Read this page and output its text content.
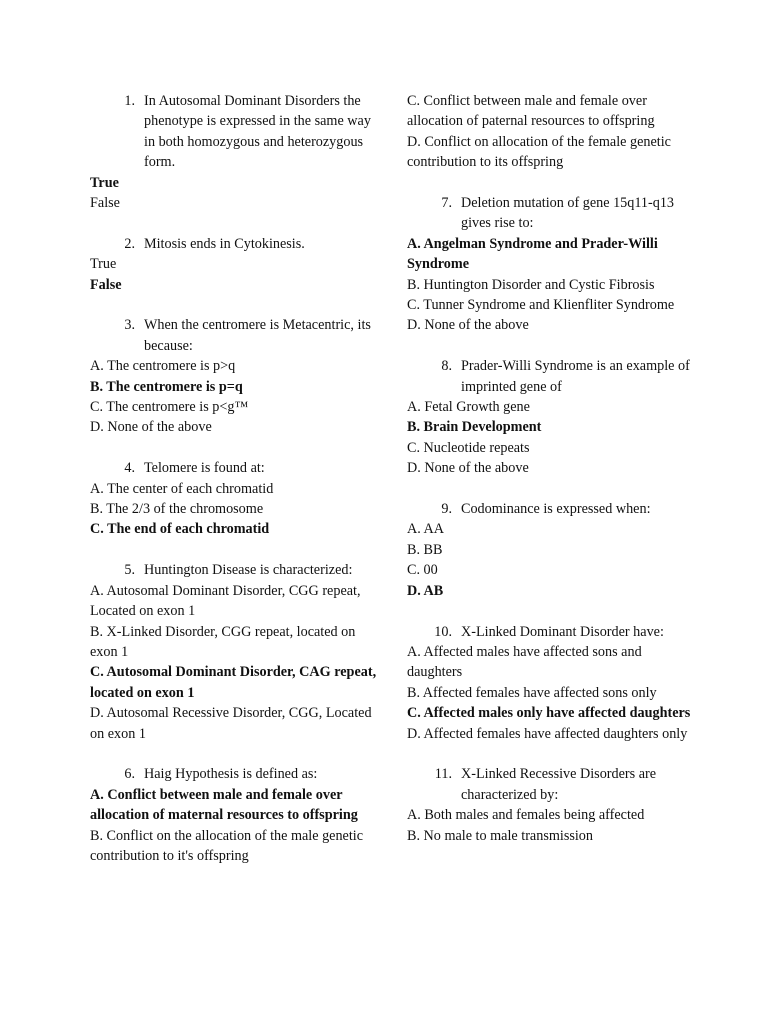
1. In Autosomal Dominant Disorders the phenotype is expressed in the same way in both homozygous and heterozygous form.
True
False
2. Mitosis ends in Cytokinesis.
True
False
3. When the centromere is Metacentric, its because:
A. The centromere is p>q
B. The centromere is p=q
C. The centromere is p<g™
D. None of the above
4. Telomere is found at:
A. The center of each chromatid
B. The 2/3 of the chromosome
C. The end of each chromatid
5. Huntington Disease is characterized:
A. Autosomal Dominant Disorder, CGG repeat, Located on exon 1
B. X-Linked Disorder, CGG repeat, located on exon 1
C. Autosomal Dominant Disorder, CAG repeat, located on exon 1
D. Autosomal Recessive Disorder, CGG, Located on exon 1
6. Haig Hypothesis is defined as:
A. Conflict between male and female over allocation of maternal resources to offspring
B. Conflict on the allocation of the male genetic contribution to it's offspring
C. Conflict between male and female over allocation of paternal resources to offspring
D. Conflict on allocation of the female genetic contribution to its offspring
7. Deletion mutation of gene 15q11-q13 gives rise to:
A. Angelman Syndrome and Prader-Willi Syndrome
B. Huntington Disorder and Cystic Fibrosis
C. Tunner Syndrome and Klienfliter Syndrome
D. None of the above
8. Prader-Willi Syndrome is an example of imprinted gene of
A. Fetal Growth gene
B. Brain Development
C. Nucleotide repeats
D. None of the above
9. Codominance is expressed when:
A. AA
B. BB
C. 00
D. AB
10. X-Linked Dominant Disorder have:
A. Affected males have affected sons and daughters
B. Affected females have affected sons only
C. Affected males only have affected daughters
D. Affected females have affected daughters only
11. X-Linked Recessive Disorders are characterized by:
A. Both males and females being affected
B. No male to male transmission
